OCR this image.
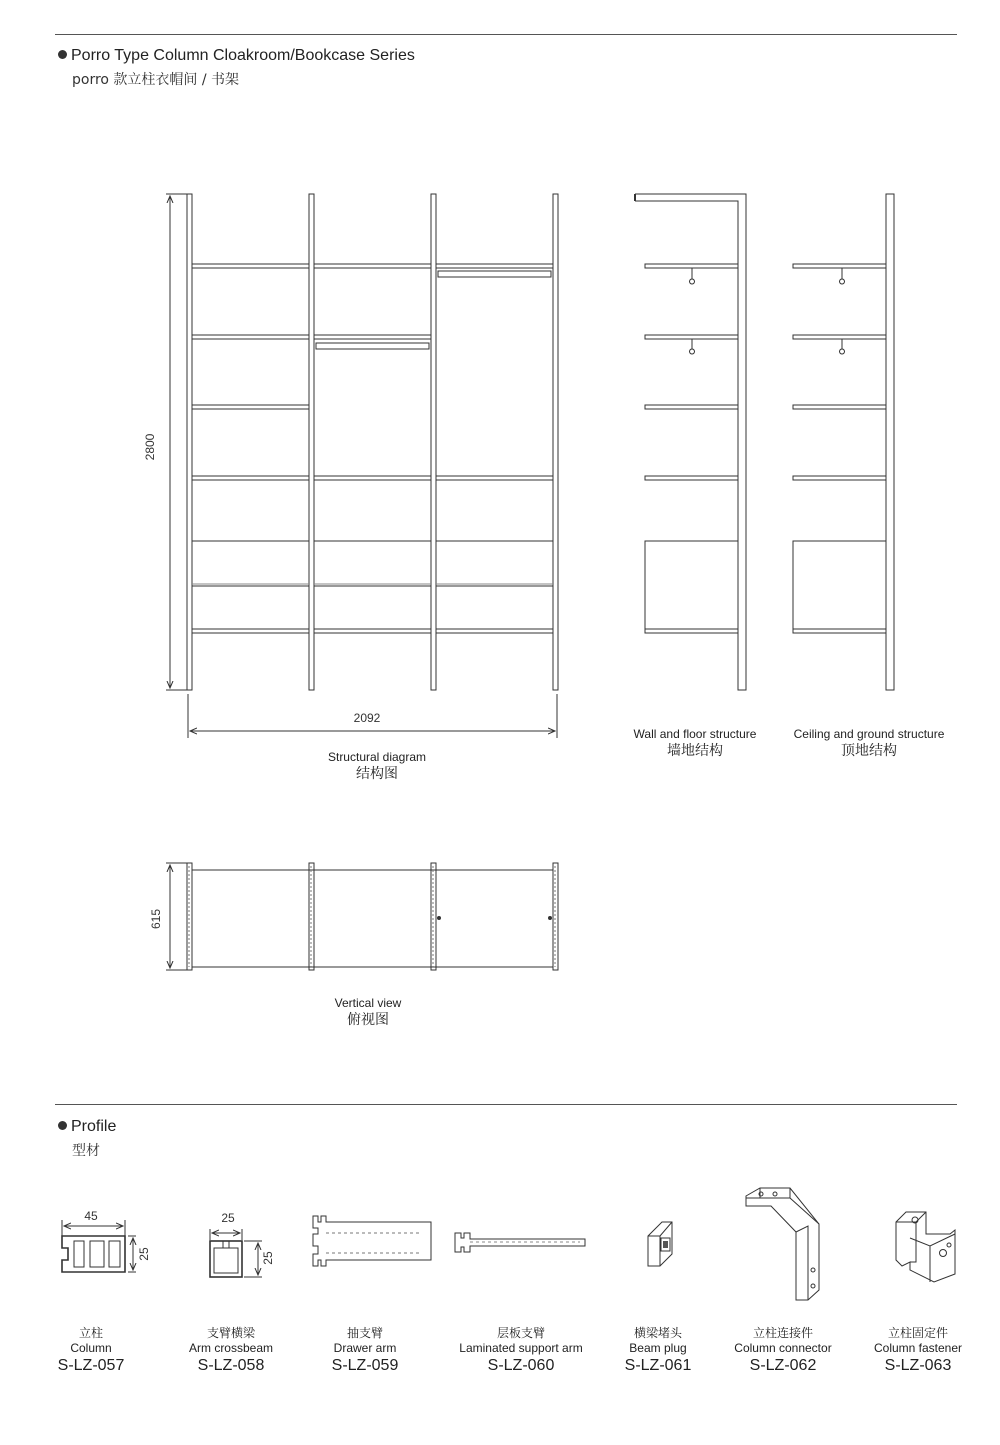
Porro Type Column Cloakroom/Bookcase Series
porro 款立柱衣帽间 / 书架
2800
2092
615
45
25
25
25
Structural diagram
结构图
Wall and floor structure
墙地结构
Ceiling and ground structure
顶地结构
Vertical view
俯视图
Profile
型材
立柱
Column
S-LZ-057
支臂横梁
Arm crossbeam
S-LZ-058
抽支臂
Drawer arm
S-LZ-059
层板支臂
Laminated support arm
S-LZ-060
横梁堵头
Beam plug
S-LZ-061
立柱连接件
Column connector
S-LZ-062
立柱固定件
Column fastener
S-LZ-063
